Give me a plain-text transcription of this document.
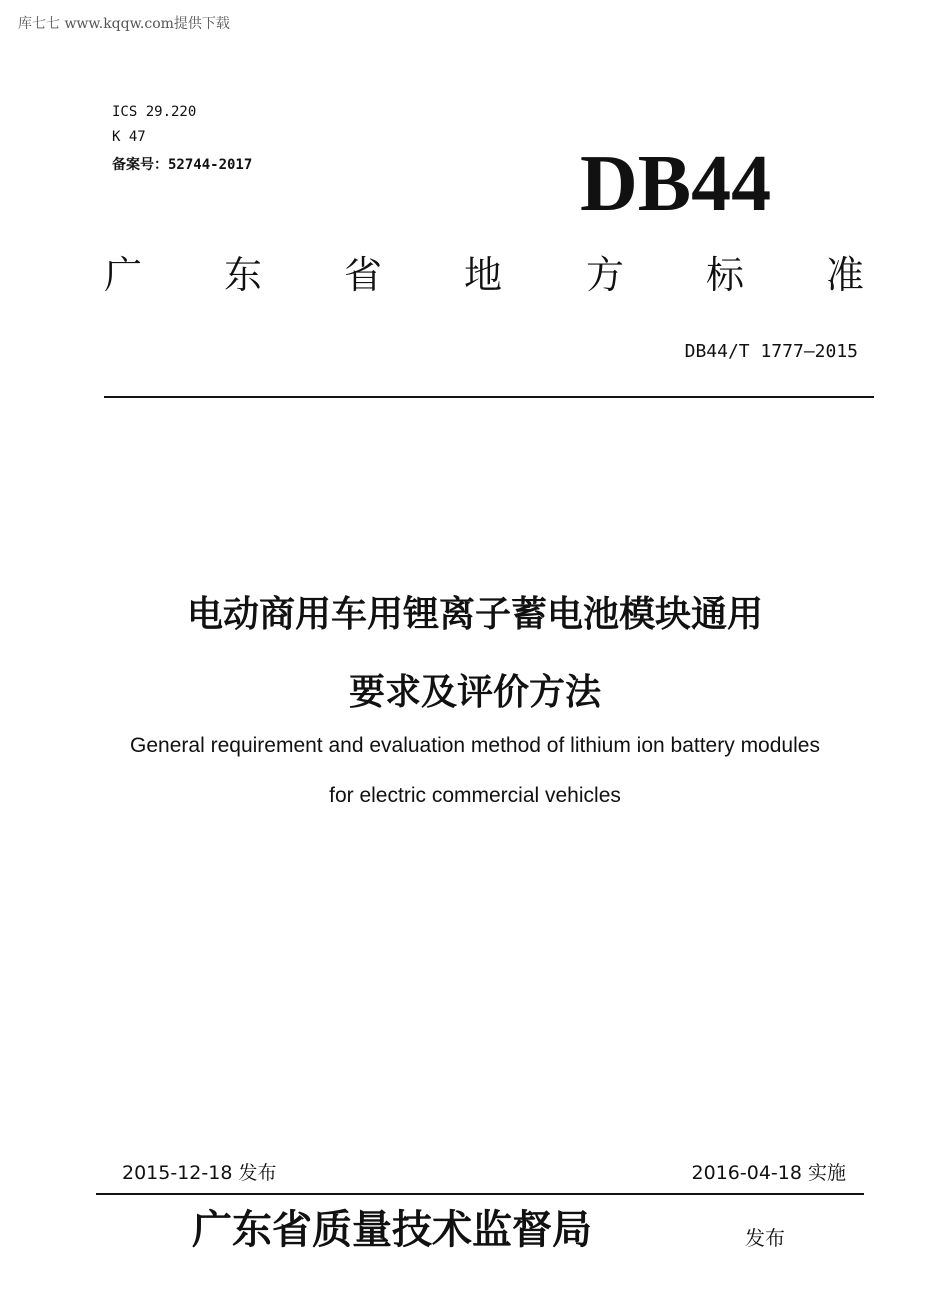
库七七 www.kqqw.com提供下载
ICS 29.220
K 47
备案号：52744-2017	DB44
广 东 省 地 方 标 准
DB44/T 1777—2015
电动商用车用锂离子蓄电池模块通用
要求及评价方法
General requirement and evaluation method of lithium ion battery modules
for electric commercial vehicles
2015-12-18 发布	2016-04-18 实施
广东省质量技术监督局	发布
